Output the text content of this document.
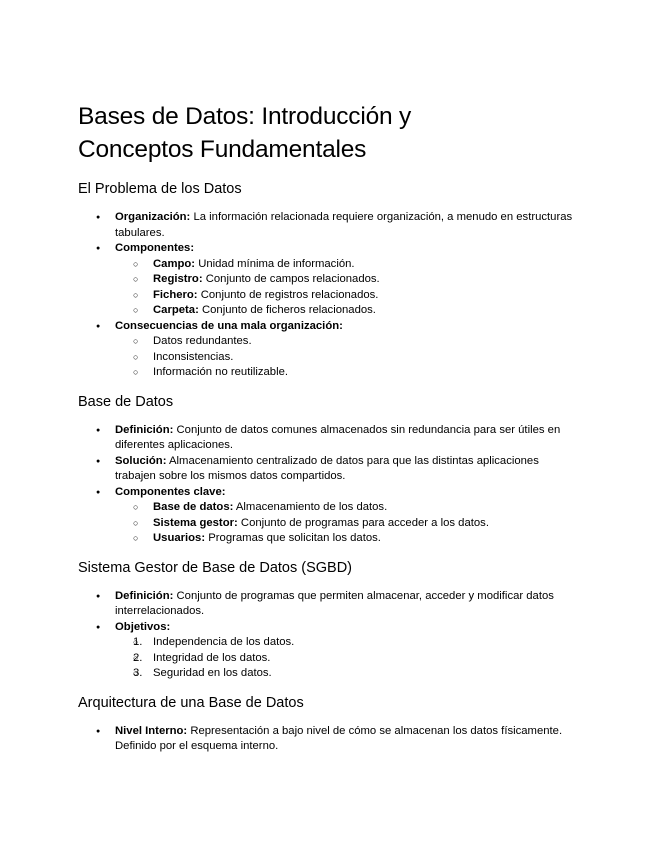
Bases de Datos: Introducción y
Conceptos Fundamentales
El Problema de los Datos
● Organización: La información relacionada requiere organización, a menudo en estructuras tabulares.
● Componentes:
○ Campo: Unidad mínima de información.
○ Registro: Conjunto de campos relacionados.
○ Fichero: Conjunto de registros relacionados.
○ Carpeta: Conjunto de ficheros relacionados.
● Consecuencias de una mala organización:
○ Datos redundantes.
○ Inconsistencias.
○ Información no reutilizable.
Base de Datos
● Definición: Conjunto de datos comunes almacenados sin redundancia para ser útiles en diferentes aplicaciones.
● Solución: Almacenamiento centralizado de datos para que las distintas aplicaciones trabajen sobre los mismos datos compartidos.
● Componentes clave:
○ Base de datos: Almacenamiento de los datos.
○ Sistema gestor: Conjunto de programas para acceder a los datos.
○ Usuarios: Programas que solicitan los datos.
Sistema Gestor de Base de Datos (SGBD)
● Definición: Conjunto de programas que permiten almacenar, acceder y modificar datos interrelacionados.
● Objetivos:
○ 1. Independencia de los datos.
○ 2. Integridad de los datos.
○ 3. Seguridad en los datos.
Arquitectura de una Base de Datos
● Nivel Interno: Representación a bajo nivel de cómo se almacenan los datos físicamente. Definido por el esquema interno.
